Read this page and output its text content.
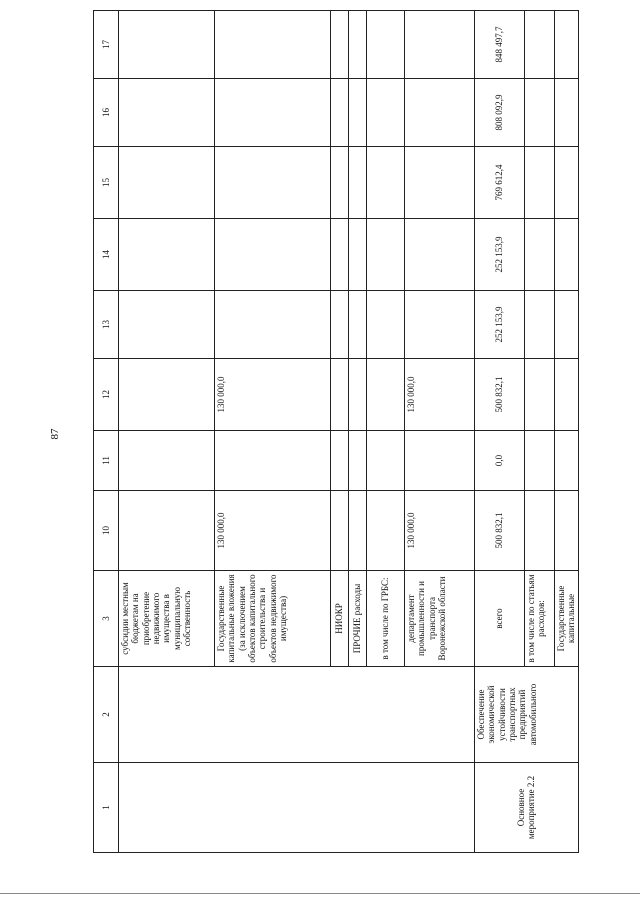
87
1	2	3	10	11	12	13	14	15	16	17
		субсидии местным бюджетам на приобретение недвижимого имущества в муниципальную собственность								
		Государственные капитальные вложения (за исключением объектов капитального строительства и объектов недвижимого имущества)	130 000,0		130 000,0					
		НИОКР								
		ПРОЧИЕ расходы								
		в том числе по ГРБС:								
		департамент промышленности и транспорта Воронежской области	130 000,0		130 000,0					
Основное мероприятие 2.2	Обеспечение экономической устойчивости транспортных предприятий автомобильного	всего	500 832,1	0,0	500 832,1	252 153,9	252 153,9	769 612,4	808 092,9	848 497,7
		в том числе по статьям расходов:								
		Государственные капитальные								
